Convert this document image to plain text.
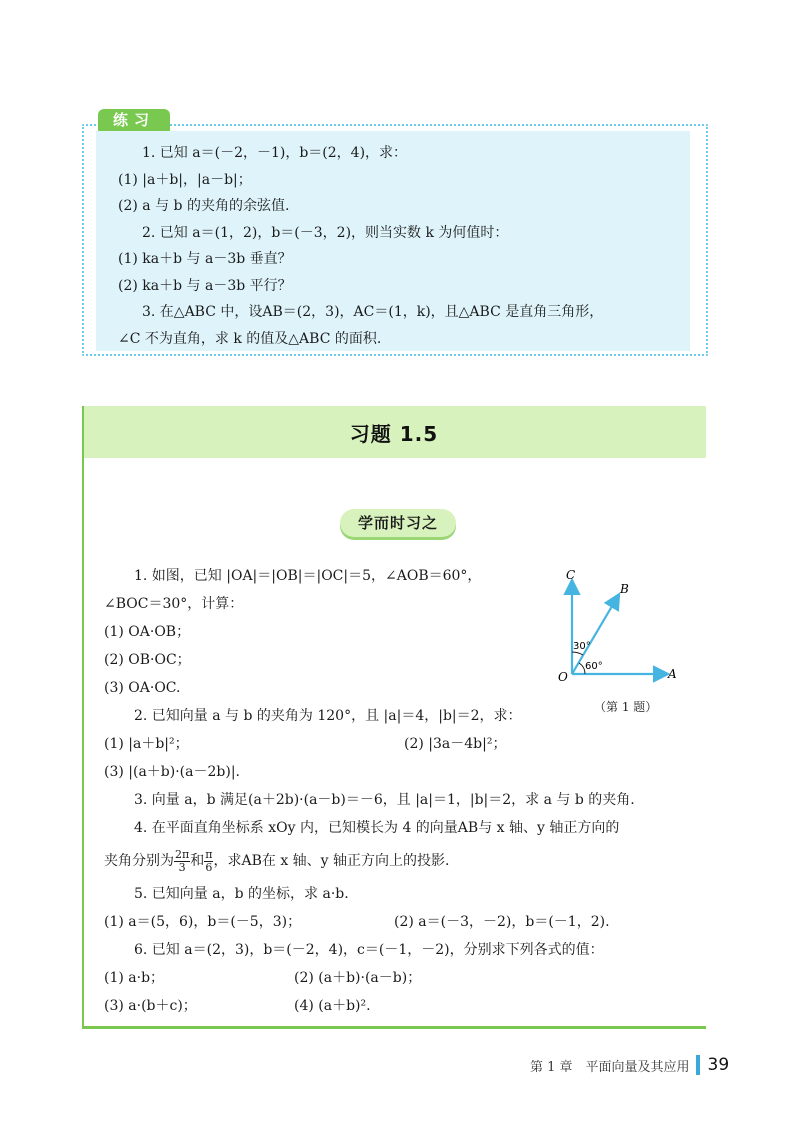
练习

1. 已知 a＝(－2，－1)，b＝(2，4)，求：

(1) |a＋b|，|a－b|；

(2) a 与 b 的夹角的余弦值.

2. 已知 a＝(1，2)，b＝(－3，2)，则当实数 k 为何值时：

(1) ka＋b 与 a－3b 垂直？

(2) ka＋b 与 a－3b 平行？

3. 在△ABC 中，设AB＝(2，3)，AC＝(1，k)，且△ABC 是直角三角形，

∠C 不为直角，求 k 的值及△ABC 的面积.

习题 1.5
学而时习之

1. 如图，已知 |OA|＝|OB|＝|OC|＝5，∠AOB＝60°，

∠BOC＝30°，计算：

(1) OA·OB；

(2) OB·OC；

(3) OA·OC.

2. 已知向量 a 与 b 的夹角为 120°，且 |a|＝4，|b|＝2，求：

(1) |a＋b|²；	(2) |3a－4b|²；

(3) |(a＋b)·(a－2b)|.

3. 向量 a，b 满足(a＋2b)·(a－b)＝－6，且 |a|＝1，|b|＝2，求 a 与 b 的夹角.

4. 在平面直角坐标系 xOy 内，已知模长为 4 的向量AB与 x 轴、y 轴正方向的

夹角分别为 $\frac{2\pi}{3}$ 和 $\frac{\pi}{6}$ ，求AB在 x 轴、y 轴正方向上的投影.

5. 已知向量 a，b 的坐标，求 a·b.

(1) a＝(5，6)，b＝(－5，3)；	(2) a＝(－3，－2)，b＝(－1，2).

6. 已知 a＝(2，3)，b＝(－2，4)，c＝(－1，－2)，分别求下列各式的值：

(1) a·b；	(2) (a＋b)·(a－b)；

(3) a·(b＋c)；	(4) (a＋b)².

C
B
O	A
30°
60°
（第 1 题）
第 1 章　平面向量及其应用 39
